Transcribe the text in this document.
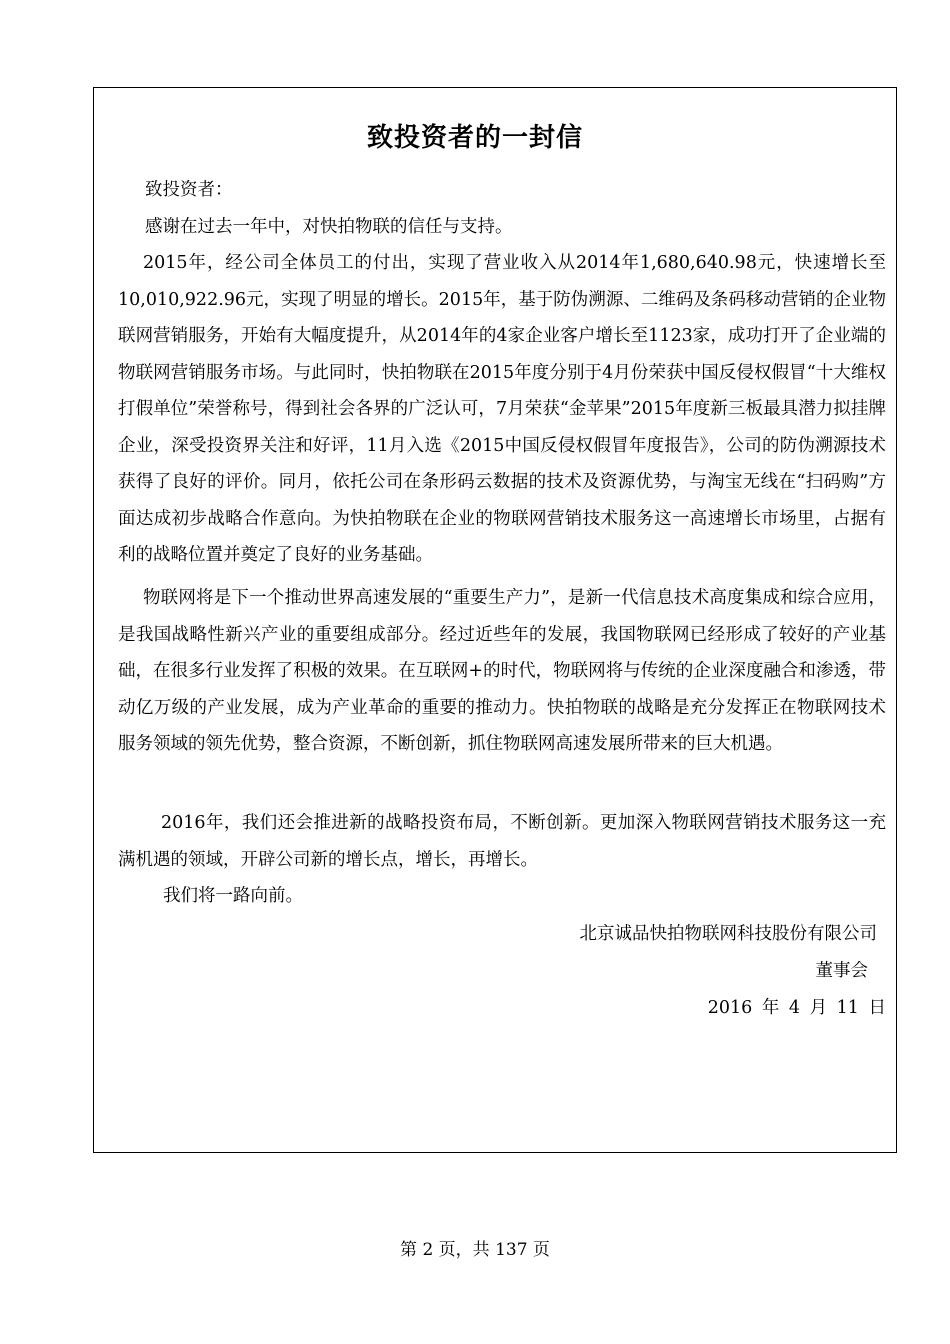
致投资者的一封信

致投资者：

感谢在过去一年中，对快拍物联的信任与支持。

2015年，经公司全体员工的付出，实现了营业收入从2014年1,680,640.98元，快速增长至10,010,922.96元，实现了明显的增长。2015年，基于防伪溯源、二维码及条码移动营销的企业物联网营销服务，开始有大幅度提升，从2014年的4家企业客户增长至1123家，成功打开了企业端的物联网营销服务市场。与此同时，快拍物联在2015年度分别于4月份荣获中国反侵权假冒“十大维权打假单位”荣誉称号，得到社会各界的广泛认可，7月荣获“金苹果”2015年度新三板最具潜力拟挂牌企业，深受投资界关注和好评，11月入选《2015中国反侵权假冒年度报告》，公司的防伪溯源技术获得了良好的评价。同月，依托公司在条形码云数据的技术及资源优势，与淘宝无线在“扫码购”方面达成初步战略合作意向。为快拍物联在企业的物联网营销技术服务这一高速增长市场里，占据有利的战略位置并奠定了良好的业务基础。

物联网将是下一个推动世界高速发展的“重要生产力”，是新一代信息技术高度集成和综合应用，是我国战略性新兴产业的重要组成部分。经过近些年的发展，我国物联网已经形成了较好的产业基础，在很多行业发挥了积极的效果。在互联网+的时代，物联网将与传统的企业深度融合和渗透，带动亿万级的产业发展，成为产业革命的重要的推动力。快拍物联的战略是充分发挥正在物联网技术服务领域的领先优势，整合资源，不断创新，抓住物联网高速发展所带来的巨大机遇。

2016年，我们还会推进新的战略投资布局，不断创新。更加深入物联网营销技术服务这一充满机遇的领域，开辟公司新的增长点，增长，再增长。

我们将一路向前。

北京诚品快拍物联网科技股份有限公司

董事会

2016 年 4 月 11 日

第 2 页，共 137 页
